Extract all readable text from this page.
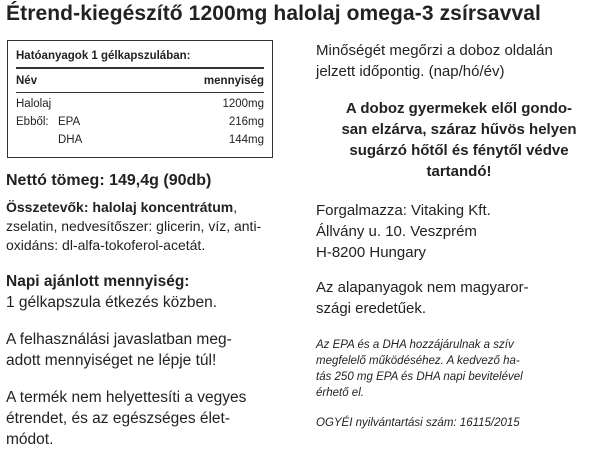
Étrend-kiegészítő 1200mg halolaj omega-3 zsírsavval
Hatóanyagok 1 gélkapszulában:
Név	mennyiség
Halolaj	1200mg
Ebből: EPA	216mg
DHA	144mg
Nettó tömeg: 149,4g (90db)
Összetevők: halolaj koncentrátum,
zselatin, nedvesítőszer: glicerin, víz, anti-
oxidáns: dl-alfa-tokoferol-acetát.
Napi ajánlott mennyiség:
1 gélkapszula étkezés közben.
A felhasználási javaslatban meg-
adott mennyiséget ne lépje túl!
A termék nem helyettesíti a vegyes
étrendet, és az egészséges élet-
módot.
Minőségét megőrzi a doboz oldalán
jelzett időpontig. (nap/hó/év)
A doboz gyermekek elől gondo-
san elzárva, száraz hűvös helyen
sugárzó hőtől és fénytől védve
tartandó!
Forgalmazza: Vitaking Kft.
Állvány u. 10. Veszprém
H-8200 Hungary
Az alapanyagok nem magyaror-
szági eredetűek.
Az EPA és a DHA hozzájárulnak a szív
megfelelő működéséhez. A kedvező ha-
tás 250 mg EPA és DHA napi bevitelével
érhető el.
OGYÉI nyilvántartási szám: 16115/2015
